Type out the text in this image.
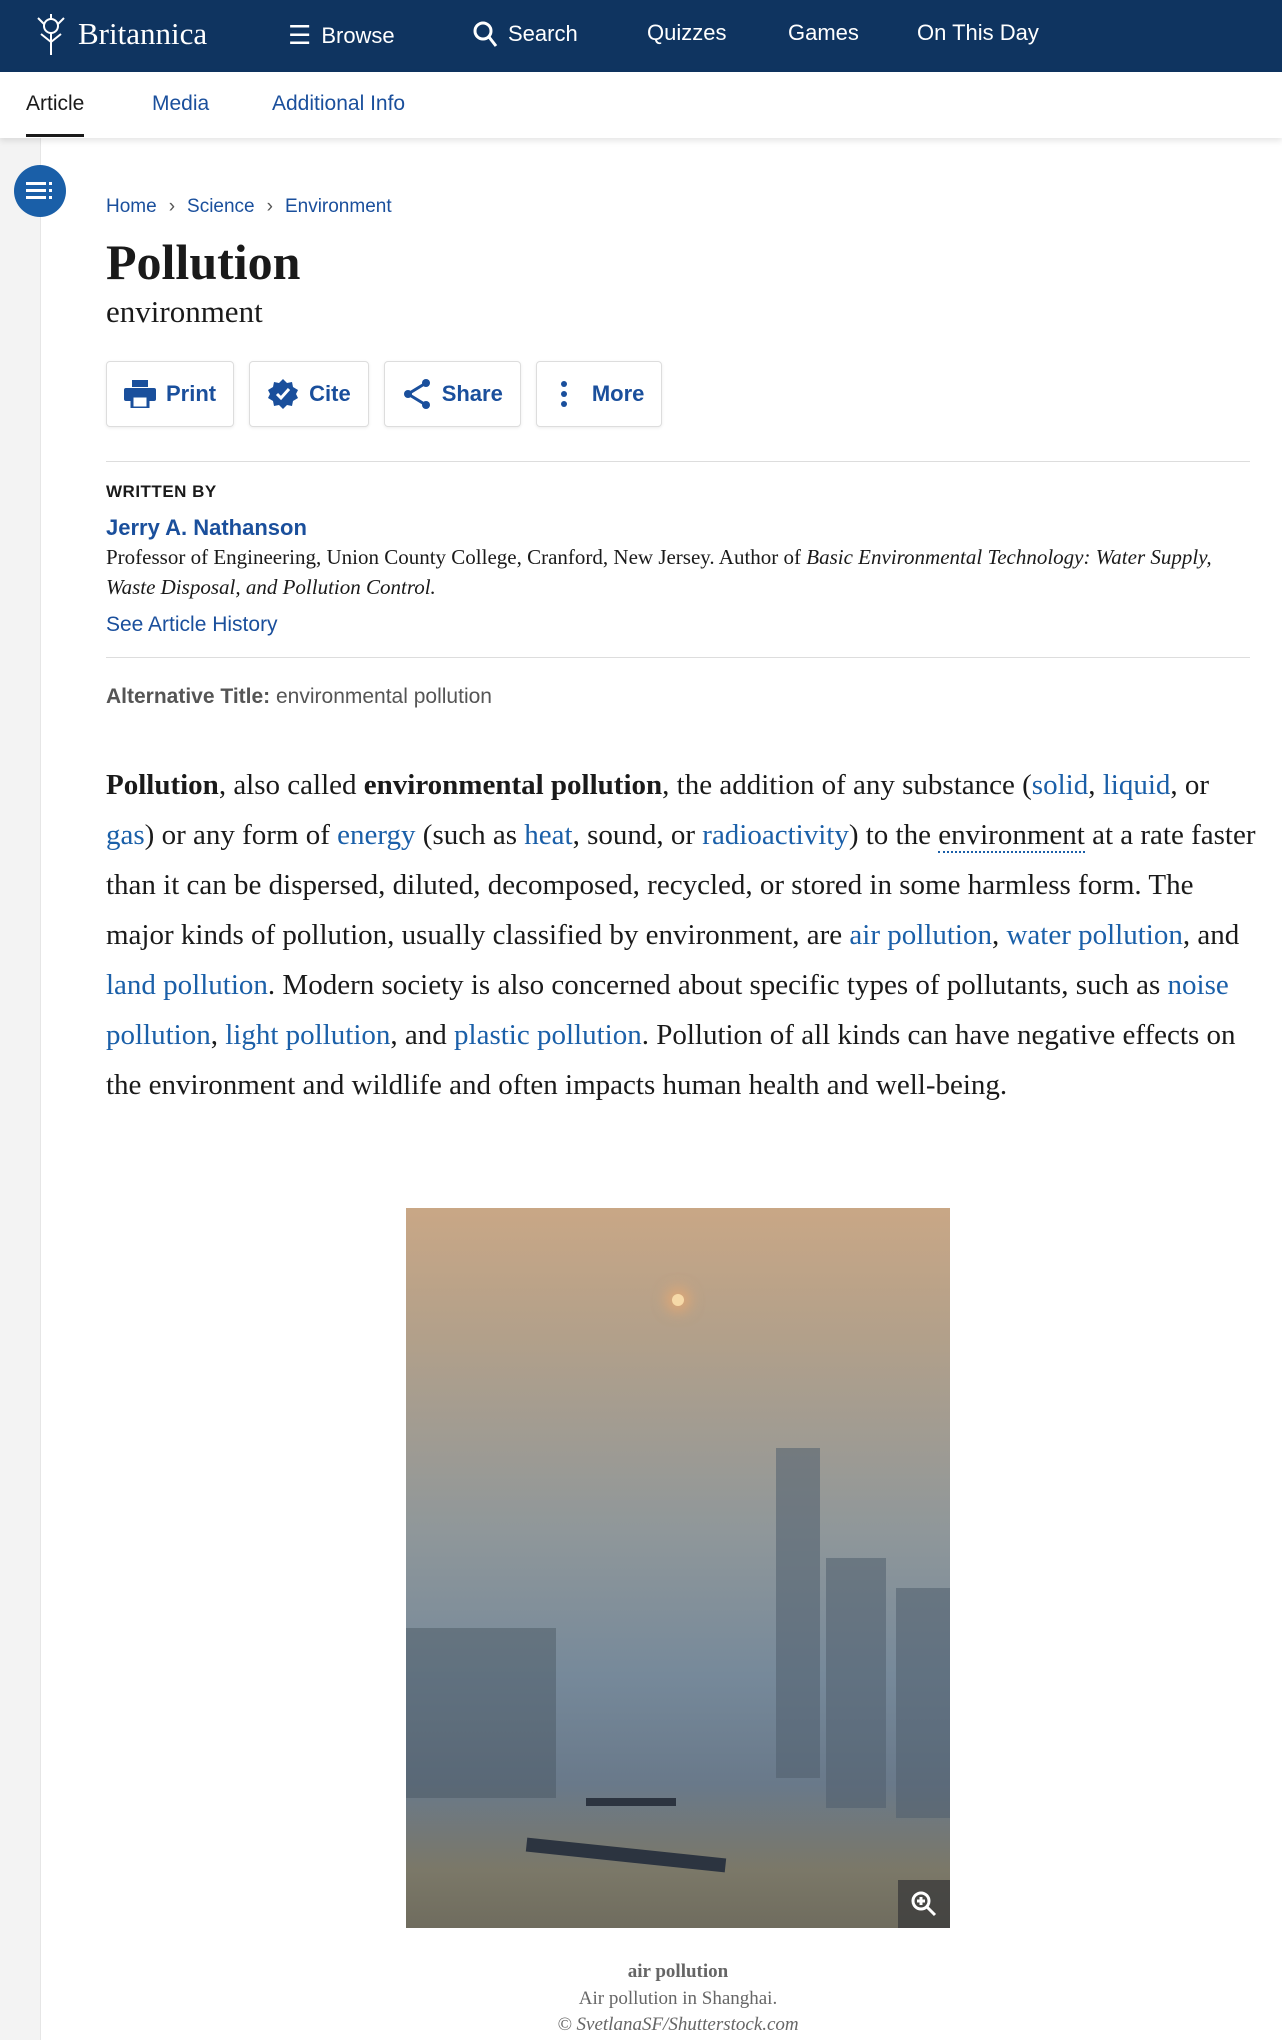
Britannica	☰ Browse	Search	Quizzes	Games	On This Day
Article	Media	Additional Info
Home › Science › Environment
Pollution
environment
Print	Cite	Share	More
WRITTEN BY
Jerry A. Nathanson
Professor of Engineering, Union County College, Cranford, New Jersey. Author of Basic Environmental Technology: Water Supply, Waste Disposal, and Pollution Control.
See Article History
Alternative Title: environmental pollution

Pollution, also called environmental pollution, the addition of any substance (solid, liquid, or gas) or any form of energy (such as heat, sound, or radioactivity) to the environment at a rate faster than it can be dispersed, diluted, decomposed, recycled, or stored in some harmless form. The major kinds of pollution, usually classified by environment, are air pollution, water pollution, and land pollution. Modern society is also concerned about specific types of pollutants, such as noise pollution, light pollution, and plastic pollution. Pollution of all kinds can have negative effects on the environment and wildlife and often impacts human health and well-being.

air pollution
Air pollution in Shanghai.
© SvetlanaSF/Shutterstock.com
